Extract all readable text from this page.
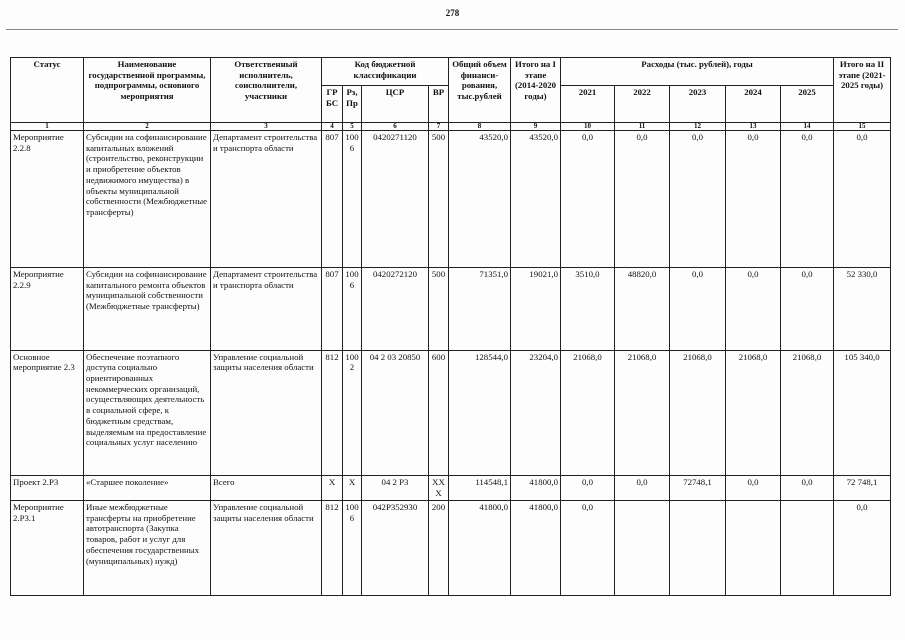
278
Статус	Наименование государственной программы, подпрограммы, основного мероприятия	Ответственный исполнитель, соисполнители, участники	Код бюджетной классификации				Общий объем финанси-рования, тыс.рублей	Итого на I этапе (2014-2020 годы)	Расходы (тыс. рублей), годы					Итого на II этапе (2021-2025 годы)
			ГРБС	Рз, Пр	ЦСР	ВР			2021	2022	2023	2024	2025	
1	2	3	4	5	6	7	8	9	10	11	12	13	14	15
Мероприятие 2.2.8	Субсидии на софинансирование капитальных вложений (строительство, реконструкции и приобретение объектов недвижимого имущества) в объекты муниципальной собственности (Межбюджетные трансферты)	Департамент строительства и транспорта области	807	1006	0420271120	500	43520,0	43520,0	0,0	0,0	0,0	0,0	0,0	0,0
Мероприятие 2.2.9	Субсидии на софинансирование капитального ремонта объектов муниципальной собственности (Межбюджетные трансферты)	Департамент строительства и транспорта области	807	1006	0420272120	500	71351,0	19021,0	3510,0	48820,0	0,0	0,0	0,0	52 330,0
Основное мероприятие 2.3	Обеспечение поэтапного доступа социально ориентированных некоммерческих организаций, осуществляющих деятельность в социальной сфере, к бюджетным средствам, выделяемым на предоставление социальных услуг населению	Управление социальной защиты населения области	812	1002	04 2 03 20850	600	128544,0	23204,0	21068,0	21068,0	21068,0	21068,0	21068,0	105 340,0
Проект 2.Р3	«Старшее поколение»	Всего	Х	Х	04 2 Р3	ХХ Х	114548,1	41800,0	0,0	0,0	72748,1	0,0	0,0	72 748,1
Мероприятие 2.Р3.1	Иные межбюджетные трансферты на приобретение автотранспорта (Закупка товаров, работ и услуг для обеспечения государственных (муниципальных) нужд)	Управление социальной защиты населения области	812	1006	042Р352930	200	41800,0	41800,0	0,0					0,0
